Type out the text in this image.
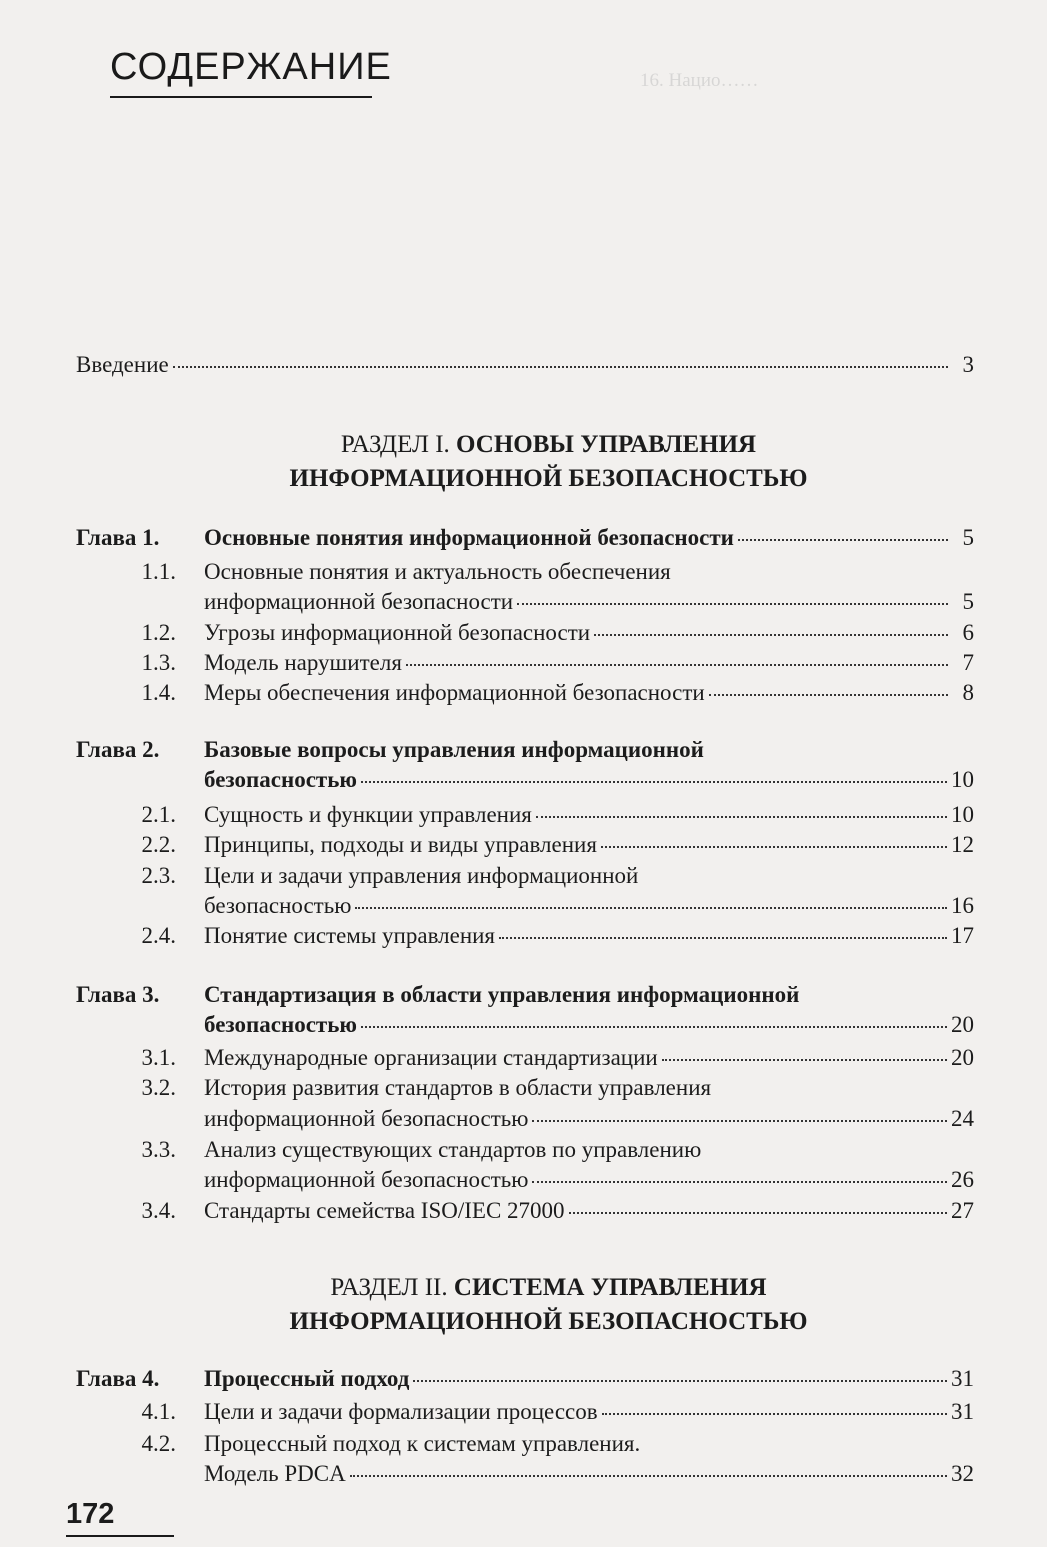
16. Нацио……
СОДЕРЖАНИЕ
Введение	3
РАЗДЕЛ I. ОСНОВЫ УПРАВЛЕНИЯ
ИНФОРМАЦИОННОЙ БЕЗОПАСНОСТЬЮ
Глава 1. Основные понятия информационной безопасности	5
1.1. Основные понятия и актуальность обеспечения
информационной безопасности	5
1.2. Угрозы информационной безопасности	6
1.3. Модель нарушителя	7
1.4. Меры обеспечения информационной безопасности	8
Глава 2. Базовые вопросы управления информационной
безопасностью	10
2.1. Сущность и функции управления	10
2.2. Принципы, подходы и виды управления	12
2.3. Цели и задачи управления информационной
безопасностью	16
2.4. Понятие системы управления	17
Глава 3. Стандартизация в области управления информационной
безопасностью	20
3.1. Международные организации стандартизации	20
3.2. История развития стандартов в области управления
информационной безопасностью	24
3.3. Анализ существующих стандартов по управлению
информационной безопасностью	26
3.4. Стандарты семейства ISO/IEC 27000	27
РАЗДЕЛ II. СИСТЕМА УПРАВЛЕНИЯ
ИНФОРМАЦИОННОЙ БЕЗОПАСНОСТЬЮ
Глава 4. Процессный подход	31
4.1. Цели и задачи формализации процессов	31
4.2. Процессный подход к системам управления.
Модель PDCA	32
172
